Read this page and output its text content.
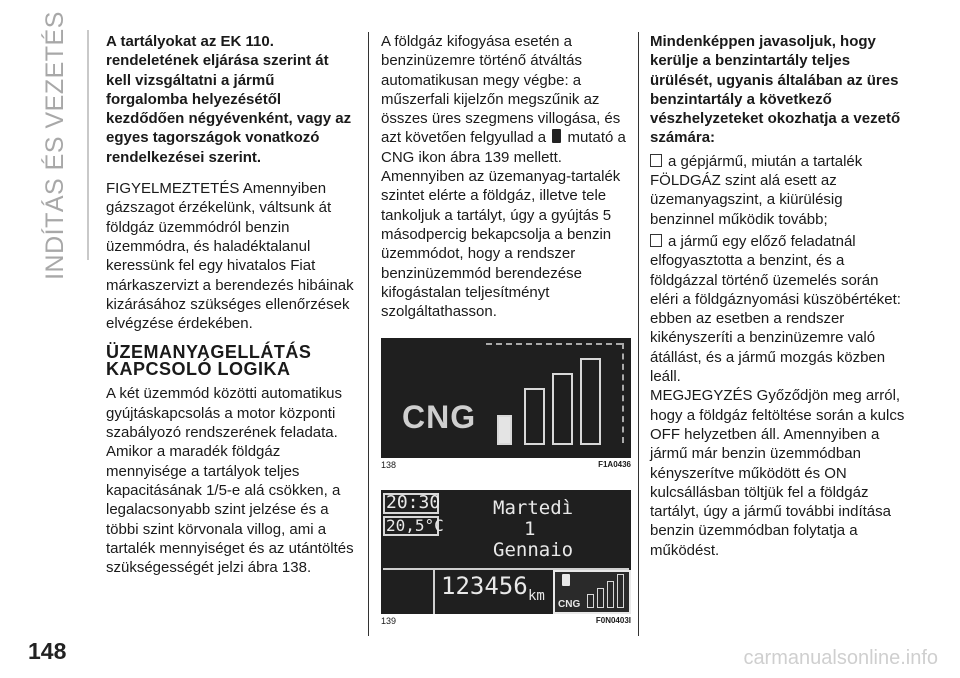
INDÍTÁS ÉS VEZETÉS
148	carmanualsonline.info

A tartályokat az EK 110. rendeletének eljárása szerint át kell vizsgáltatni a jármű forgalomba helyezésétől kezdődően négyévenként, vagy az egyes tagországok vonatkozó rendelkezései szerint.

FIGYELMEZTETÉS Amennyiben gázszagot érzékelünk, váltsunk át földgáz üzemmódról benzin üzemmódra, és haladéktalanul keressünk fel egy hivatalos Fiat márkaszervizt a berendezés hibáinak kizárásához szükséges ellenőrzések elvégzése érdekében.

ÜZEMANYAGELLÁTÁS
KAPCSOLÓ LOGIKA

A két üzemmód közötti automatikus gyújtáskapcsolás a motor központi szabályozó rendszerének feladata. Amikor a maradék földgáz mennyisége a tartályok teljes kapacitásának 1/5-e alá csökken, a legalacsonyabb szint jelzése és a többi szint körvonala villog, ami a tartalék mennyiséget és az utántöltés szükségességét jelzi ábra 138.

A földgáz kifogyása esetén a benzinüzemre történő átváltás automatikusan megy végbe: a műszerfali kijelzőn megszűnik az összes üres szegmens villogása, és azt követően felgyullad a mutató a CNG ikon ábra 139 mellett.

Amennyiben az üzemanyag-tartalék szintet elérte a földgáz, illetve tele tankoljuk a tartályt, úgy a gyújtás 5 másodpercig bekapcsolja a benzin üzemmódot, hogy a rendszer benzinüzemmód berendezése kifogástalan teljesítményt szolgáltathasson.

CNG
138	F1A0436
20:30
20,5°C
Martedì
1
Gennaio
123456 km
CNG
139	F0N0403I

Mindenképpen javasoljuk, hogy kerülje a benzintartály teljes ürülését, ugyanis általában az üres benzintartály a következő vészhelyzeteket okozhatja a vezető számára:

a gépjármű, miután a tartalék FÖLDGÁZ szint alá esett az üzemanyagszint, a kiürülésig benzinnel működik tovább;

a jármű egy előző feladatnál elfogyasztotta a benzint, és a földgázzal történő üzemelés során eléri a földgáznyomási küszöbértéket: ebben az esetben a rendszer kikényszeríti a benzinüzemre való átállást, és a jármű mozgás közben leáll.

MEGJEGYZÉS Győződjön meg arról, hogy a földgáz feltöltése során a kulcs OFF helyzetben áll. Amennyiben a jármű már benzin üzemmódban kényszerítve működött és ON kulcsállásban töltjük fel a földgáz tartályt, úgy a jármű további indítása benzin üzemmódban folytatja a működést.
